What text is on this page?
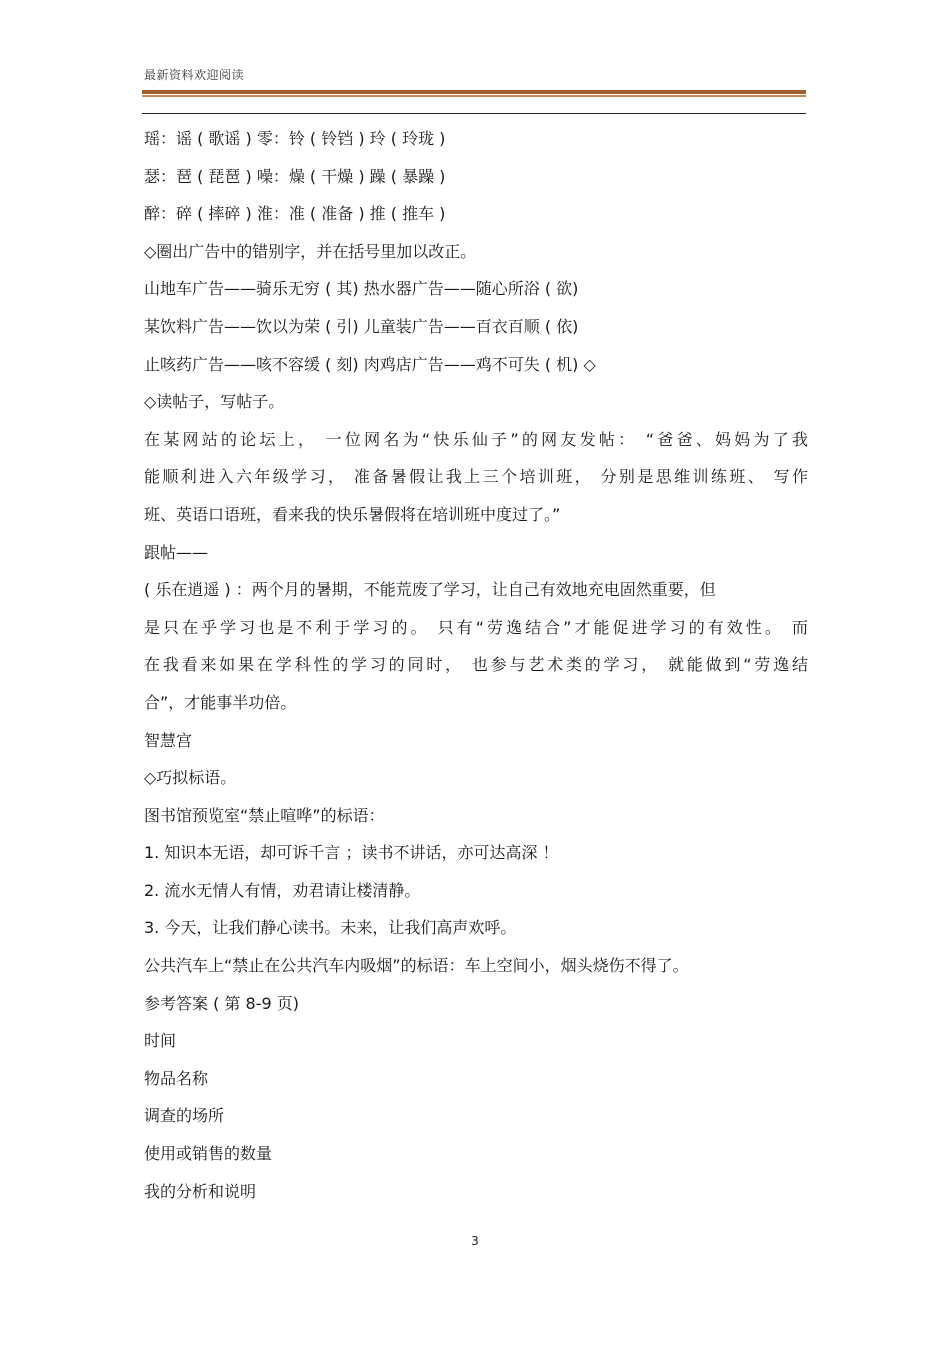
最新资料欢迎阅读
瑶：谣 ( 歌谣 ) 零：铃 ( 铃铛 ) 玲 ( 玲珑 )
瑟：琶 ( 琵琶 ) 噪：燥 ( 干燥 ) 躁 ( 暴躁 )
醉：碎 ( 摔碎 ) 淮：准 ( 准备 ) 推 ( 推车 )
◇圈出广告中的错别字，并在括号里加以改正。
山地车广告——骑乐无穷 ( 其) 热水器广告——随心所浴 ( 欲)
某饮料广告——饮以为荣 ( 引) 儿童装广告——百衣百顺 ( 依)
止咳药广告——咳不容缓 ( 刻) 肉鸡店广告——鸡不可失 ( 机) ◇
◇读帖子，写帖子。
在某网站的论坛上， 一位网名为“快乐仙子”的网友发帖： “爸爸、妈妈为了我
能顺利进入六年级学习， 准备暑假让我上三个培训班， 分别是思维训练班、 写作
班、英语口语班，看来我的快乐暑假将在培训班中度过了。”
跟帖——
( 乐在逍遥 ) ：两个月的暑期，不能荒废了学习，让自己有效地充电固然重要，但
是只在乎学习也是不利于学习的。 只有“劳逸结合”才能促进学习的有效性。 而
在我看来如果在学科性的学习的同时， 也参与艺术类的学习， 就能做到“劳逸结
合”，才能事半功倍。
智慧宫
◇巧拟标语。
图书馆预览室“禁止喧哗”的标语：
1. 知识本无语，却可诉千言 ；读书不讲话，亦可达高深 ！
2. 流水无情人有情，劝君请让楼清静。
3. 今天，让我们静心读书。未来，让我们高声欢呼。
公共汽车上“禁止在公共汽车内吸烟”的标语：车上空间小，烟头烧伤不得了。
参考答案 ( 第 8-9 页)
时间
物品名称
调查的场所
使用或销售的数量
我的分析和说明
3
